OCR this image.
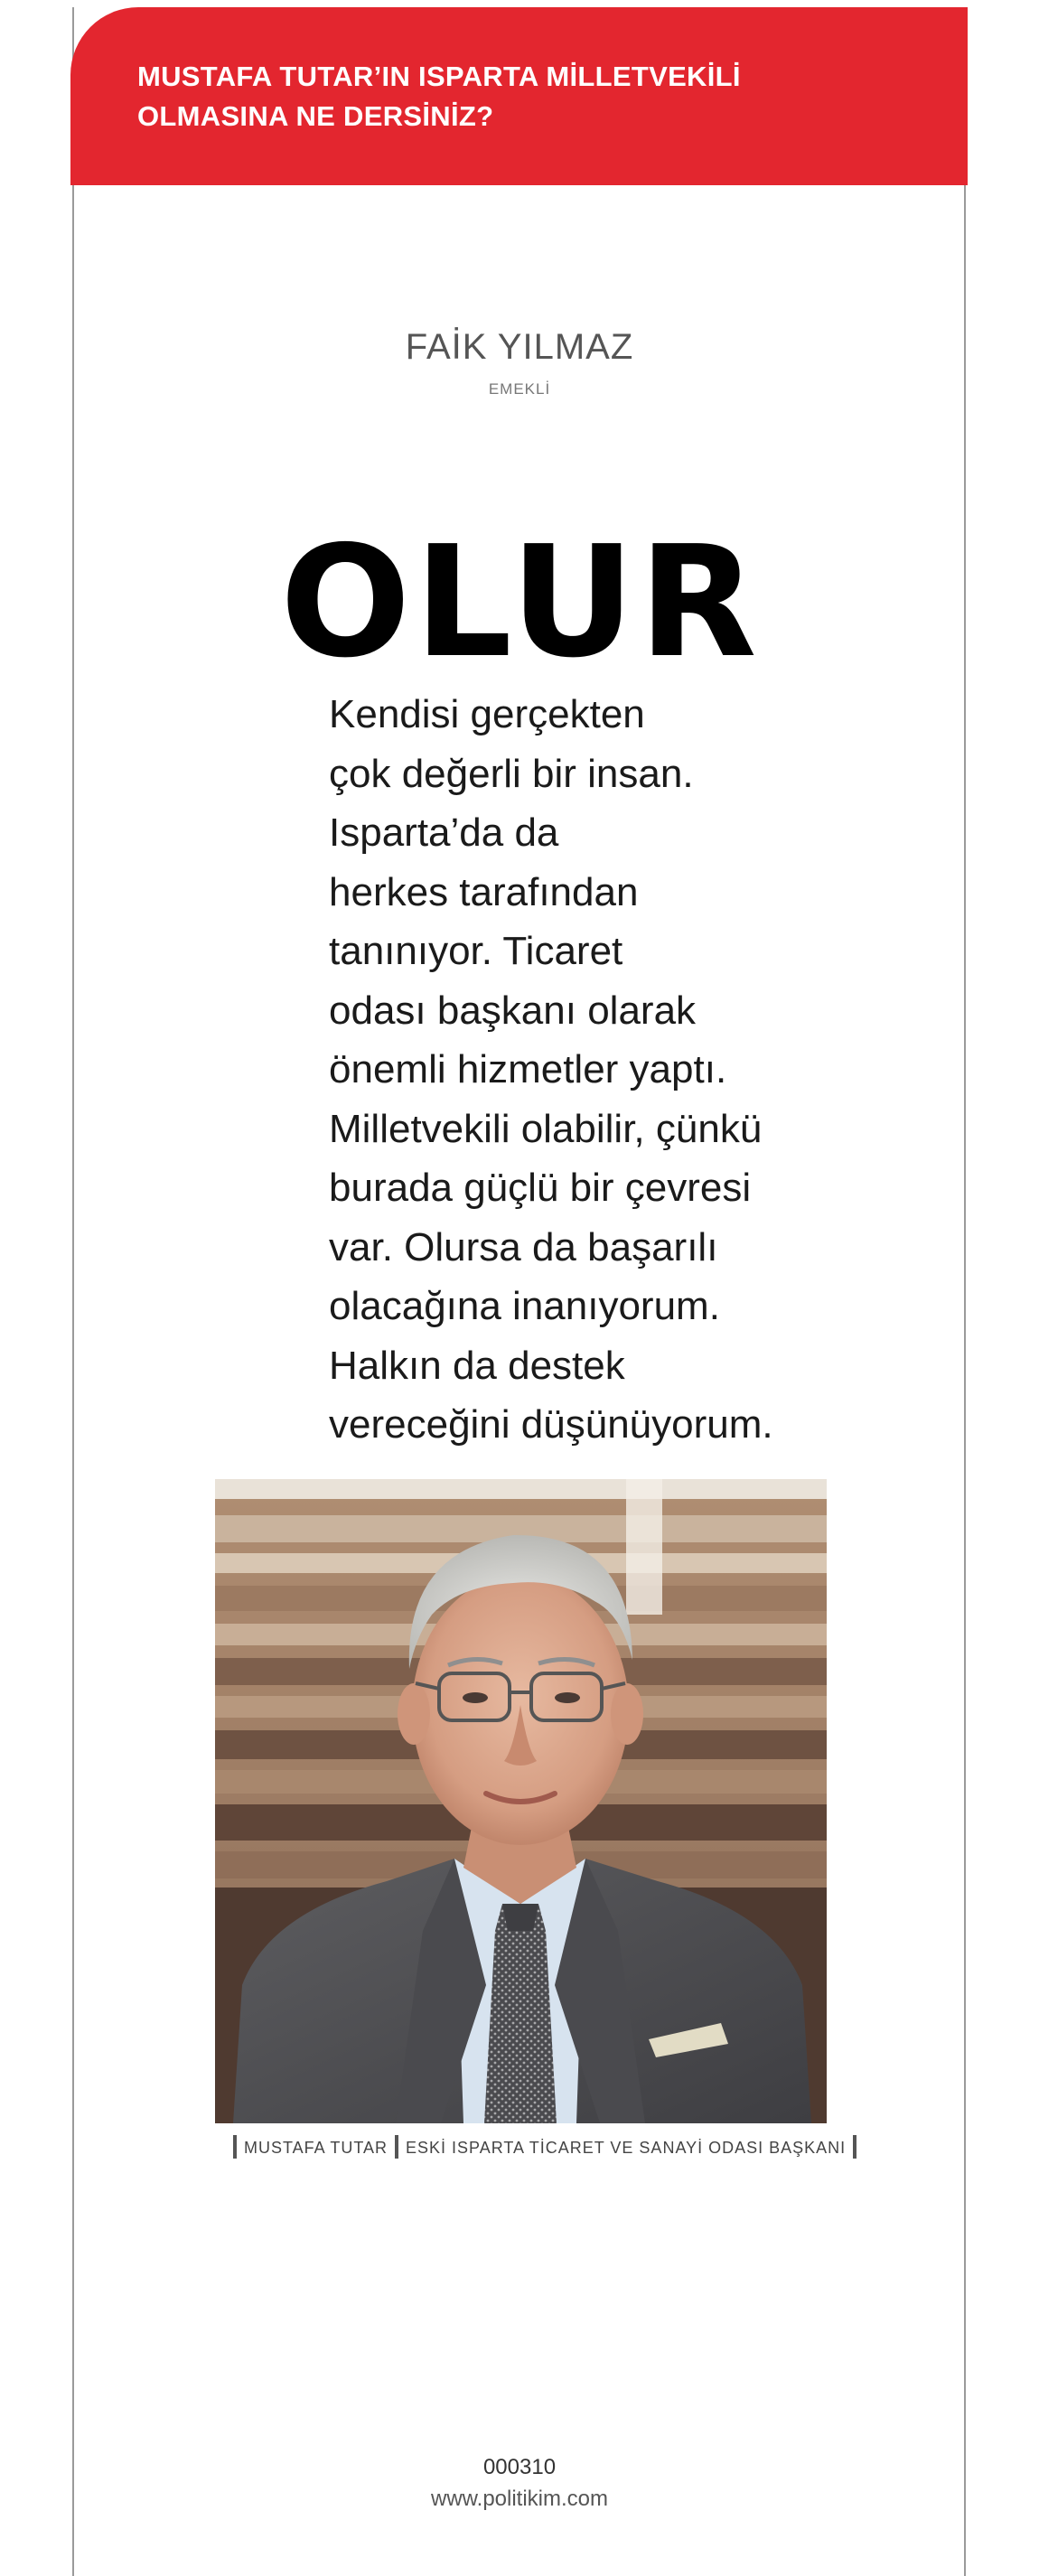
MUSTAFA TUTAR’IN ISPARTA MİLLETVEKİLİ
OLMASINA NE DERSİNİZ?
FAİK YILMAZ
EMEKLİ
OLUR

Kendisi gerçekten
çok değerli bir insan.
Isparta’da da
herkes tarafından
tanınıyor. Ticaret
odası başkanı olarak
önemli hizmetler yaptı.
Milletvekili olabilir, çünkü
burada güçlü bir çevresi
var. Olursa da başarılı
olacağına inanıyorum.
Halkın da destek
vereceğini düşünüyorum.

MUSTAFA TUTAR ESKİ ISPARTA TİCARET VE SANAYİ ODASI BAŞKANI
000310
www.politikim.com
